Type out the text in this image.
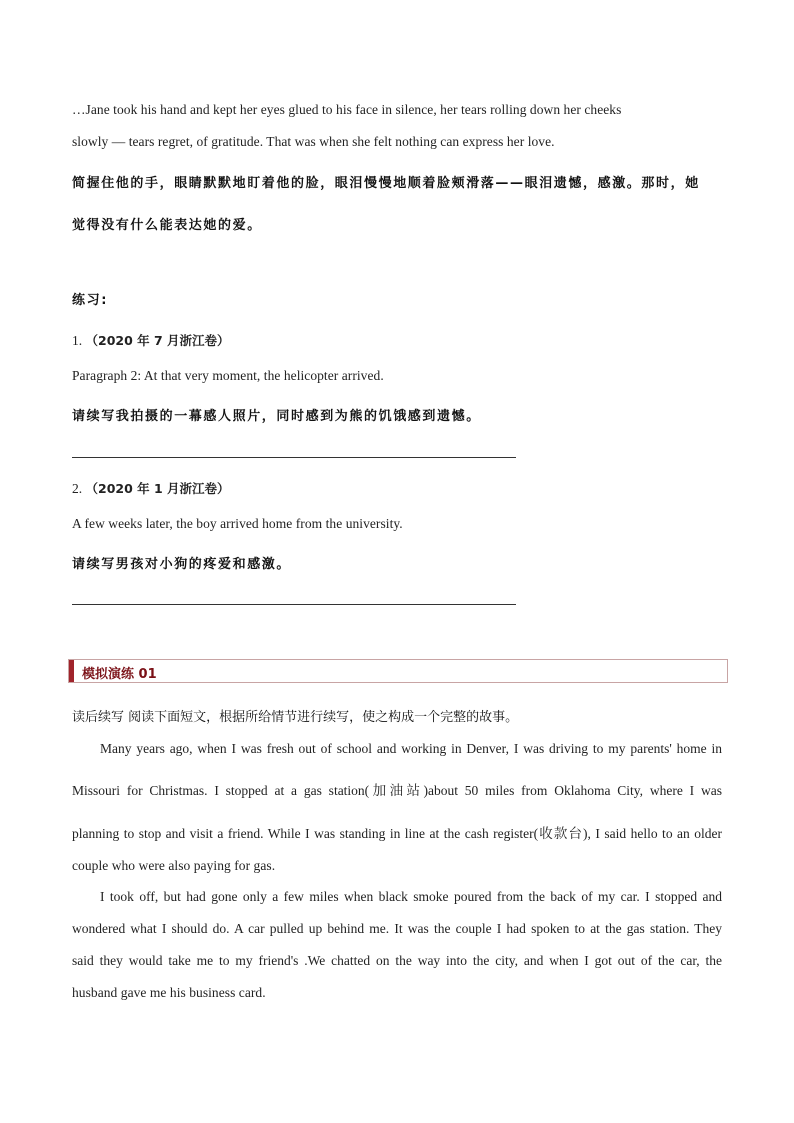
…Jane took his hand and kept her eyes glued to his face in silence, her tears rolling down her cheeks
slowly — tears regret, of gratitude. That was when she felt nothing can express her love.
简握住他的手，眼睛默默地盯着他的脸，眼泪慢慢地顺着脸颊滑落——眼泪遗憾，感激。那时，她
觉得没有什么能表达她的爱。
练习:
1. （2020 年 7 月浙江卷）
Paragraph 2: At that very moment, the helicopter arrived.
请续写我拍摄的一幕感人照片，同时感到为熊的饥饿感到遗憾。
2. （2020 年 1 月浙江卷）
A few weeks later, the boy arrived home from the university.
请续写男孩对小狗的疼爱和感激。
模拟演练 01
读后续写 阅读下面短文，根据所给情节进行续写，使之构成一个完整的故事。
Many years ago, when I was fresh out of school and working in Denver, I was driving to my parents' home in
Missouri for Christmas. I stopped at a gas station(加油站)about 50 miles from Oklahoma City, where I was
planning to stop and visit a friend. While I was standing in line at the cash register(收款台), I said hello to an older
couple who were also paying for gas.
I took off, but had gone only a few miles when black smoke poured from the back of my car. I stopped and
wondered what I should do. A car pulled up behind me. It was the couple I had spoken to at the gas station. They
said they would take me to my friend's .We chatted on the way into the city, and when I got out of the car, the
husband gave me his business card.
